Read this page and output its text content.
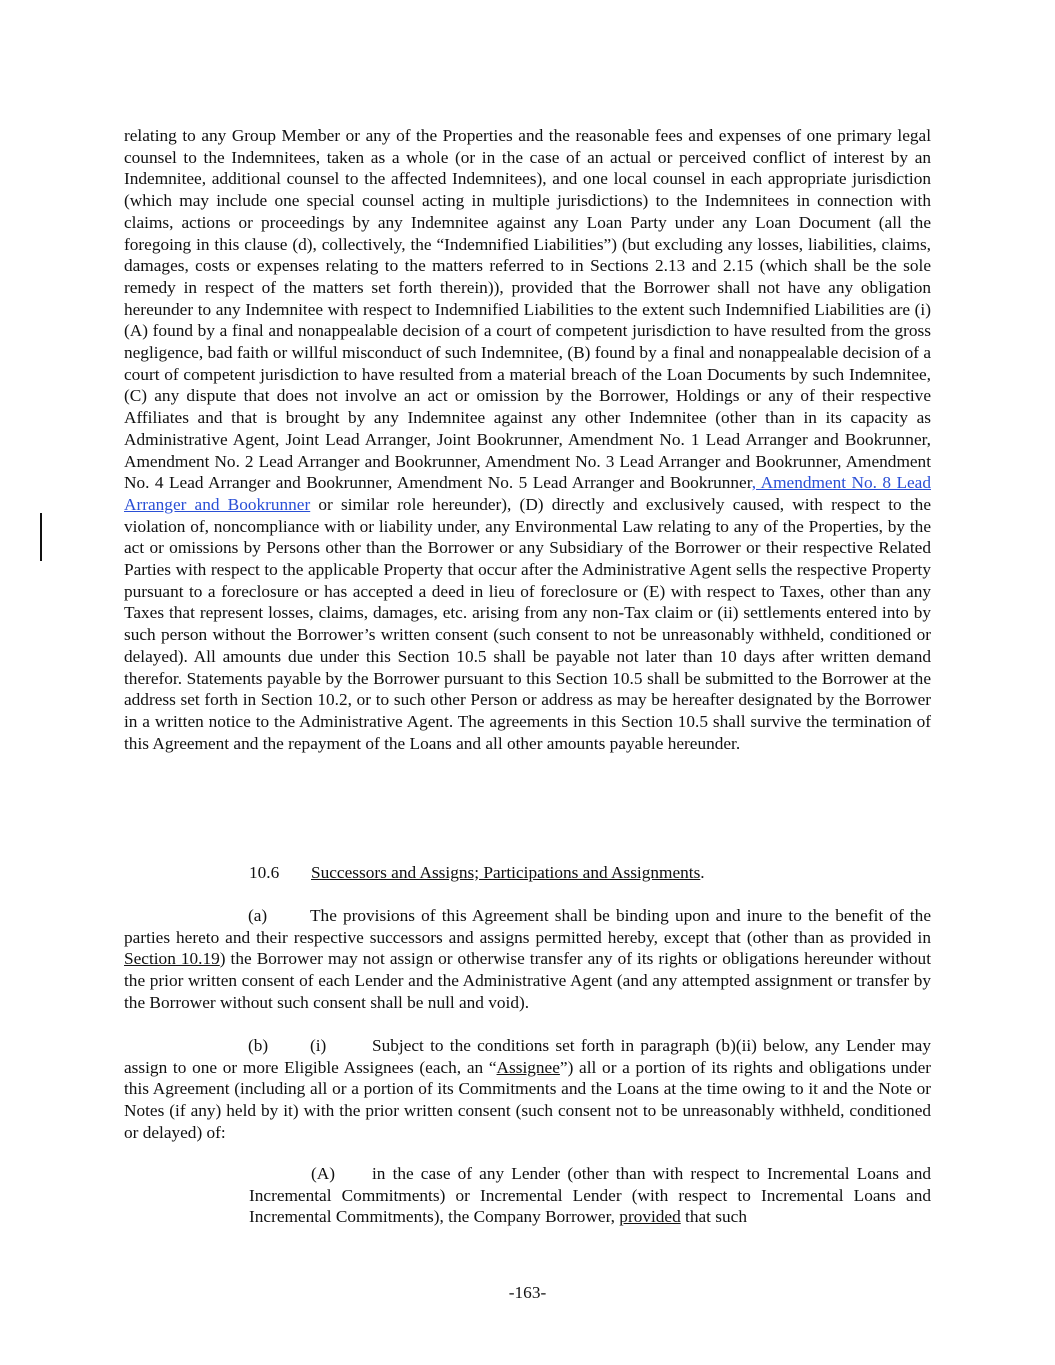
relating to any Group Member or any of the Properties and the reasonable fees and expenses of one primary legal counsel to the Indemnitees, taken as a whole (or in the case of an actual or perceived conflict of interest by an Indemnitee, additional counsel to the affected Indemnitees), and one local counsel in each appropriate jurisdiction (which may include one special counsel acting in multiple jurisdictions) to the Indemnitees in connection with claims, actions or proceedings by any Indemnitee against any Loan Party under any Loan Document (all the foregoing in this clause (d), collectively, the “Indemnified Liabilities”) (but excluding any losses, liabilities, claims, damages, costs or expenses relating to the matters referred to in Sections 2.13 and 2.15 (which shall be the sole remedy in respect of the matters set forth therein)), provided that the Borrower shall not have any obligation hereunder to any Indemnitee with respect to Indemnified Liabilities to the extent such Indemnified Liabilities are (i) (A) found by a final and nonappealable decision of a court of competent jurisdiction to have resulted from the gross negligence, bad faith or willful misconduct of such Indemnitee, (B) found by a final and nonappealable decision of a court of competent jurisdiction to have resulted from a material breach of the Loan Documents by such Indemnitee, (C) any dispute that does not involve an act or omission by the Borrower, Holdings or any of their respective Affiliates and that is brought by any Indemnitee against any other Indemnitee (other than in its capacity as Administrative Agent, Joint Lead Arranger, Joint Bookrunner, Amendment No. 1 Lead Arranger and Bookrunner, Amendment No. 2 Lead Arranger and Bookrunner, Amendment No. 3 Lead Arranger and Bookrunner, Amendment No. 4 Lead Arranger and Bookrunner, Amendment No. 5 Lead Arranger and Bookrunner, Amendment No. 8 Lead Arranger and Bookrunner or similar role hereunder), (D) directly and exclusively caused, with respect to the violation of, noncompliance with or liability under, any Environmental Law relating to any of the Properties, by the act or omissions by Persons other than the Borrower or any Subsidiary of the Borrower or their respective Related Parties with respect to the applicable Property that occur after the Administrative Agent sells the respective Property pursuant to a foreclosure or has accepted a deed in lieu of foreclosure or (E) with respect to Taxes, other than any Taxes that represent losses, claims, damages, etc. arising from any non-Tax claim or (ii) settlements entered into by such person without the Borrower’s written consent (such consent to not be unreasonably withheld, conditioned or delayed). All amounts due under this Section 10.5 shall be payable not later than 10 days after written demand therefor. Statements payable by the Borrower pursuant to this Section 10.5 shall be submitted to the Borrower at the address set forth in Section 10.2, or to such other Person or address as may be hereafter designated by the Borrower in a written notice to the Administrative Agent. The agreements in this Section 10.5 shall survive the termination of this Agreement and the repayment of the Loans and all other amounts payable hereunder.
10.6 Successors and Assigns; Participations and Assignments.
(a) The provisions of this Agreement shall be binding upon and inure to the benefit of the parties hereto and their respective successors and assigns permitted hereby, except that (other than as provided in Section 10.19) the Borrower may not assign or otherwise transfer any of its rights or obligations hereunder without the prior written consent of each Lender and the Administrative Agent (and any attempted assignment or transfer by the Borrower without such consent shall be null and void).
(b) (i)	Subject to the conditions set forth in paragraph (b)(ii) below, any Lender may assign to one or more Eligible Assignees (each, an “Assignee”) all or a portion of its rights and obligations under this Agreement (including all or a portion of its Commitments and the Loans at the time owing to it and the Note or Notes (if any) held by it) with the prior written consent (such consent not to be unreasonably withheld, conditioned or delayed) of:
(A) in the case of any Lender (other than with respect to Incremental Loans and Incremental Commitments) or Incremental Lender (with respect to Incremental Loans and Incremental Commitments), the Company Borrower, provided that such
-163-
